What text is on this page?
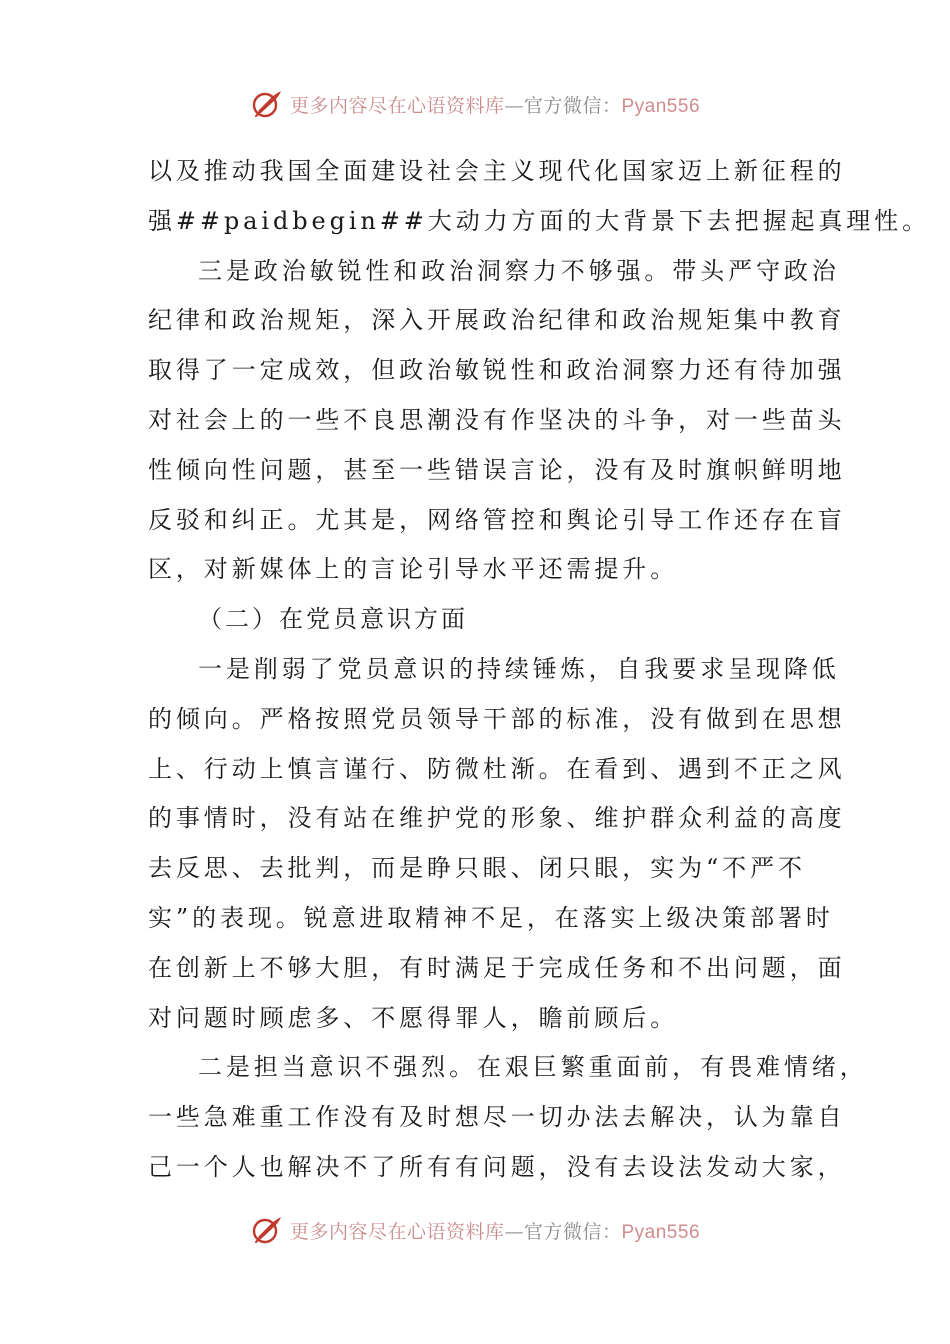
更多内容尽在心语资料库—官方微信：Pyan556
以及推动我国全面建设社会主义现代化国家迈上新征程的
强##paidbegin##大动力方面的大背景下去把握起真理性。
三是政治敏锐性和政治洞察力不够强。带头严守政治
纪律和政治规矩，深入开展政治纪律和政治规矩集中教育
取得了一定成效，但政治敏锐性和政治洞察力还有待加强
对社会上的一些不良思潮没有作坚决的斗争，对一些苗头
性倾向性问题，甚至一些错误言论，没有及时旗帜鲜明地
反驳和纠正。尤其是，网络管控和舆论引导工作还存在盲
区，对新媒体上的言论引导水平还需提升。
（二）在党员意识方面
一是削弱了党员意识的持续锤炼，自我要求呈现降低
的倾向。严格按照党员领导干部的标准，没有做到在思想
上、行动上慎言谨行、防微杜渐。在看到、遇到不正之风
的事情时，没有站在维护党的形象、维护群众利益的高度
去反思、去批判，而是睁只眼、闭只眼，实为“不严不
实”的表现。锐意进取精神不足，在落实上级决策部署时
在创新上不够大胆，有时满足于完成任务和不出问题，面
对问题时顾虑多、不愿得罪人，瞻前顾后。
二是担当意识不强烈。在艰巨繁重面前，有畏难情绪，
一些急难重工作没有及时想尽一切办法去解决，认为靠自
己一个人也解决不了所有有问题，没有去设法发动大家，
更多内容尽在心语资料库—官方微信：Pyan556
